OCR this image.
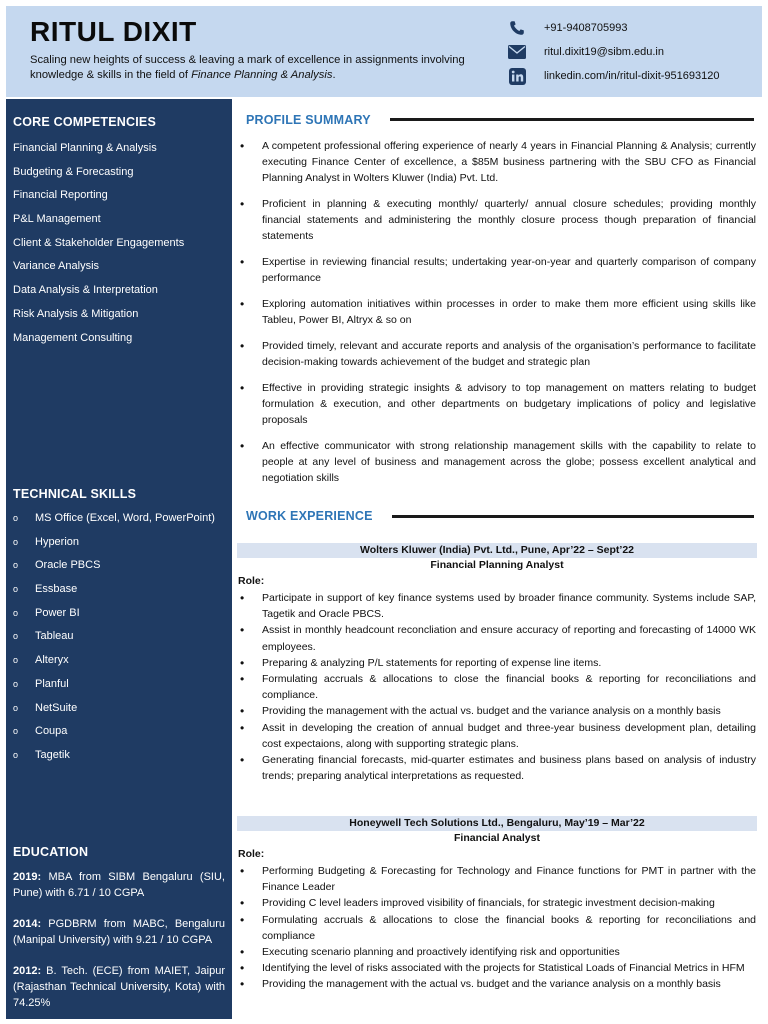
RITUL DIXIT
Scaling new heights of success & leaving a mark of excellence in assignments involving knowledge & skills in the field of Finance Planning & Analysis.
+91-9408705993
ritul.dixit19@sibm.edu.in
linkedin.com/in/ritul-dixit-951693120
CORE COMPETENCIES
Financial Planning & Analysis
Budgeting & Forecasting
Financial Reporting
P&L Management
Client & Stakeholder Engagements
Variance Analysis
Data Analysis & Interpretation
Risk Analysis & Mitigation
Management Consulting
TECHNICAL SKILLS
o	MS Office (Excel, Word, PowerPoint)
o	Hyperion
o	Oracle PBCS
o	Essbase
o	Power BI
o	Tableau
o	Alteryx
o	Planful
o	NetSuite
o	Coupa
o	Tagetik
EDUCATION
2019: MBA from SIBM Bengaluru (SIU, Pune) with 6.71 / 10 CGPA
2014: PGDBRM from MABC, Bengaluru (Manipal University) with 9.21 / 10 CGPA
2012: B. Tech. (ECE) from MAIET, Jaipur (Rajasthan Technical University, Kota) with 74.25%
PROFILE SUMMARY
• A competent professional offering experience of nearly 4 years in Financial Planning & Analysis; currently executing Finance Center of excellence, a $85M business partnering with the SBU CFO as Financial Planning Analyst in Wolters Kluwer (India) Pvt. Ltd.
• Proficient in planning & executing monthly/ quarterly/ annual closure schedules; providing monthly financial statements and administering the monthly closure process though preparation of financial statements
• Expertise in reviewing financial results; undertaking year-on-year and quarterly comparison of company performance
• Exploring automation initiatives within processes in order to make them more efficient using skills like Tableu, Power BI, Altryx & so on
• Provided timely, relevant and accurate reports and analysis of the organisation’s performance to facilitate decision-making towards achievement of the budget and strategic plan
• Effective in providing strategic insights & advisory to top management on matters relating to budget formulation & execution, and other departments on budgetary implications of policy and legislative proposals
• An effective communicator with strong relationship management skills with the capability to relate to people at any level of business and management across the globe; possess excellent analytical and negotiation skills
WORK EXPERIENCE
Wolters Kluwer (India) Pvt. Ltd., Pune, Apr’22 – Sept’22
Financial Planning Analyst
Role:
• Participate in support of key finance systems used by broader finance community. Systems include SAP, Tagetik and Oracle PBCS.
• Assist in monthly headcount reconcliation and ensure accuracy of reporting and forecasting of 14000 WK employees.
• Preparing & analyzing P/L statements for reporting of expense line items.
• Formulating accruals & allocations to close the financial books & reporting for reconciliations and compliance.
• Providing the management with the actual vs. budget and the variance analysis on a monthly basis
• Assit in developing the creation of annual budget and three-year business development plan, detailing cost expectaions, along with supporting strategic plans.
• Generating financial forecasts, mid-quarter estimates and business plans based on analysis of industry trends; preparing analytical interpretations as requested.
Honeywell Tech Solutions Ltd., Bengaluru, May’19 – Mar’22
Financial Analyst
Role:
• Performing Budgeting & Forecasting for Technology and Finance functions for PMT in partner with the Finance Leader
• Providing C level leaders improved visibility of financials, for strategic investment decision-making
• Formulating accruals & allocations to close the financial books & reporting for reconciliations and compliance
• Executing scenario planning and proactively identifying risk and opportunities
• Identifying the level of risks associated with the projects for Statistical Loads of Financial Metrics in HFM
• Providing the management with the actual vs. budget and the variance analysis on a monthly basis
